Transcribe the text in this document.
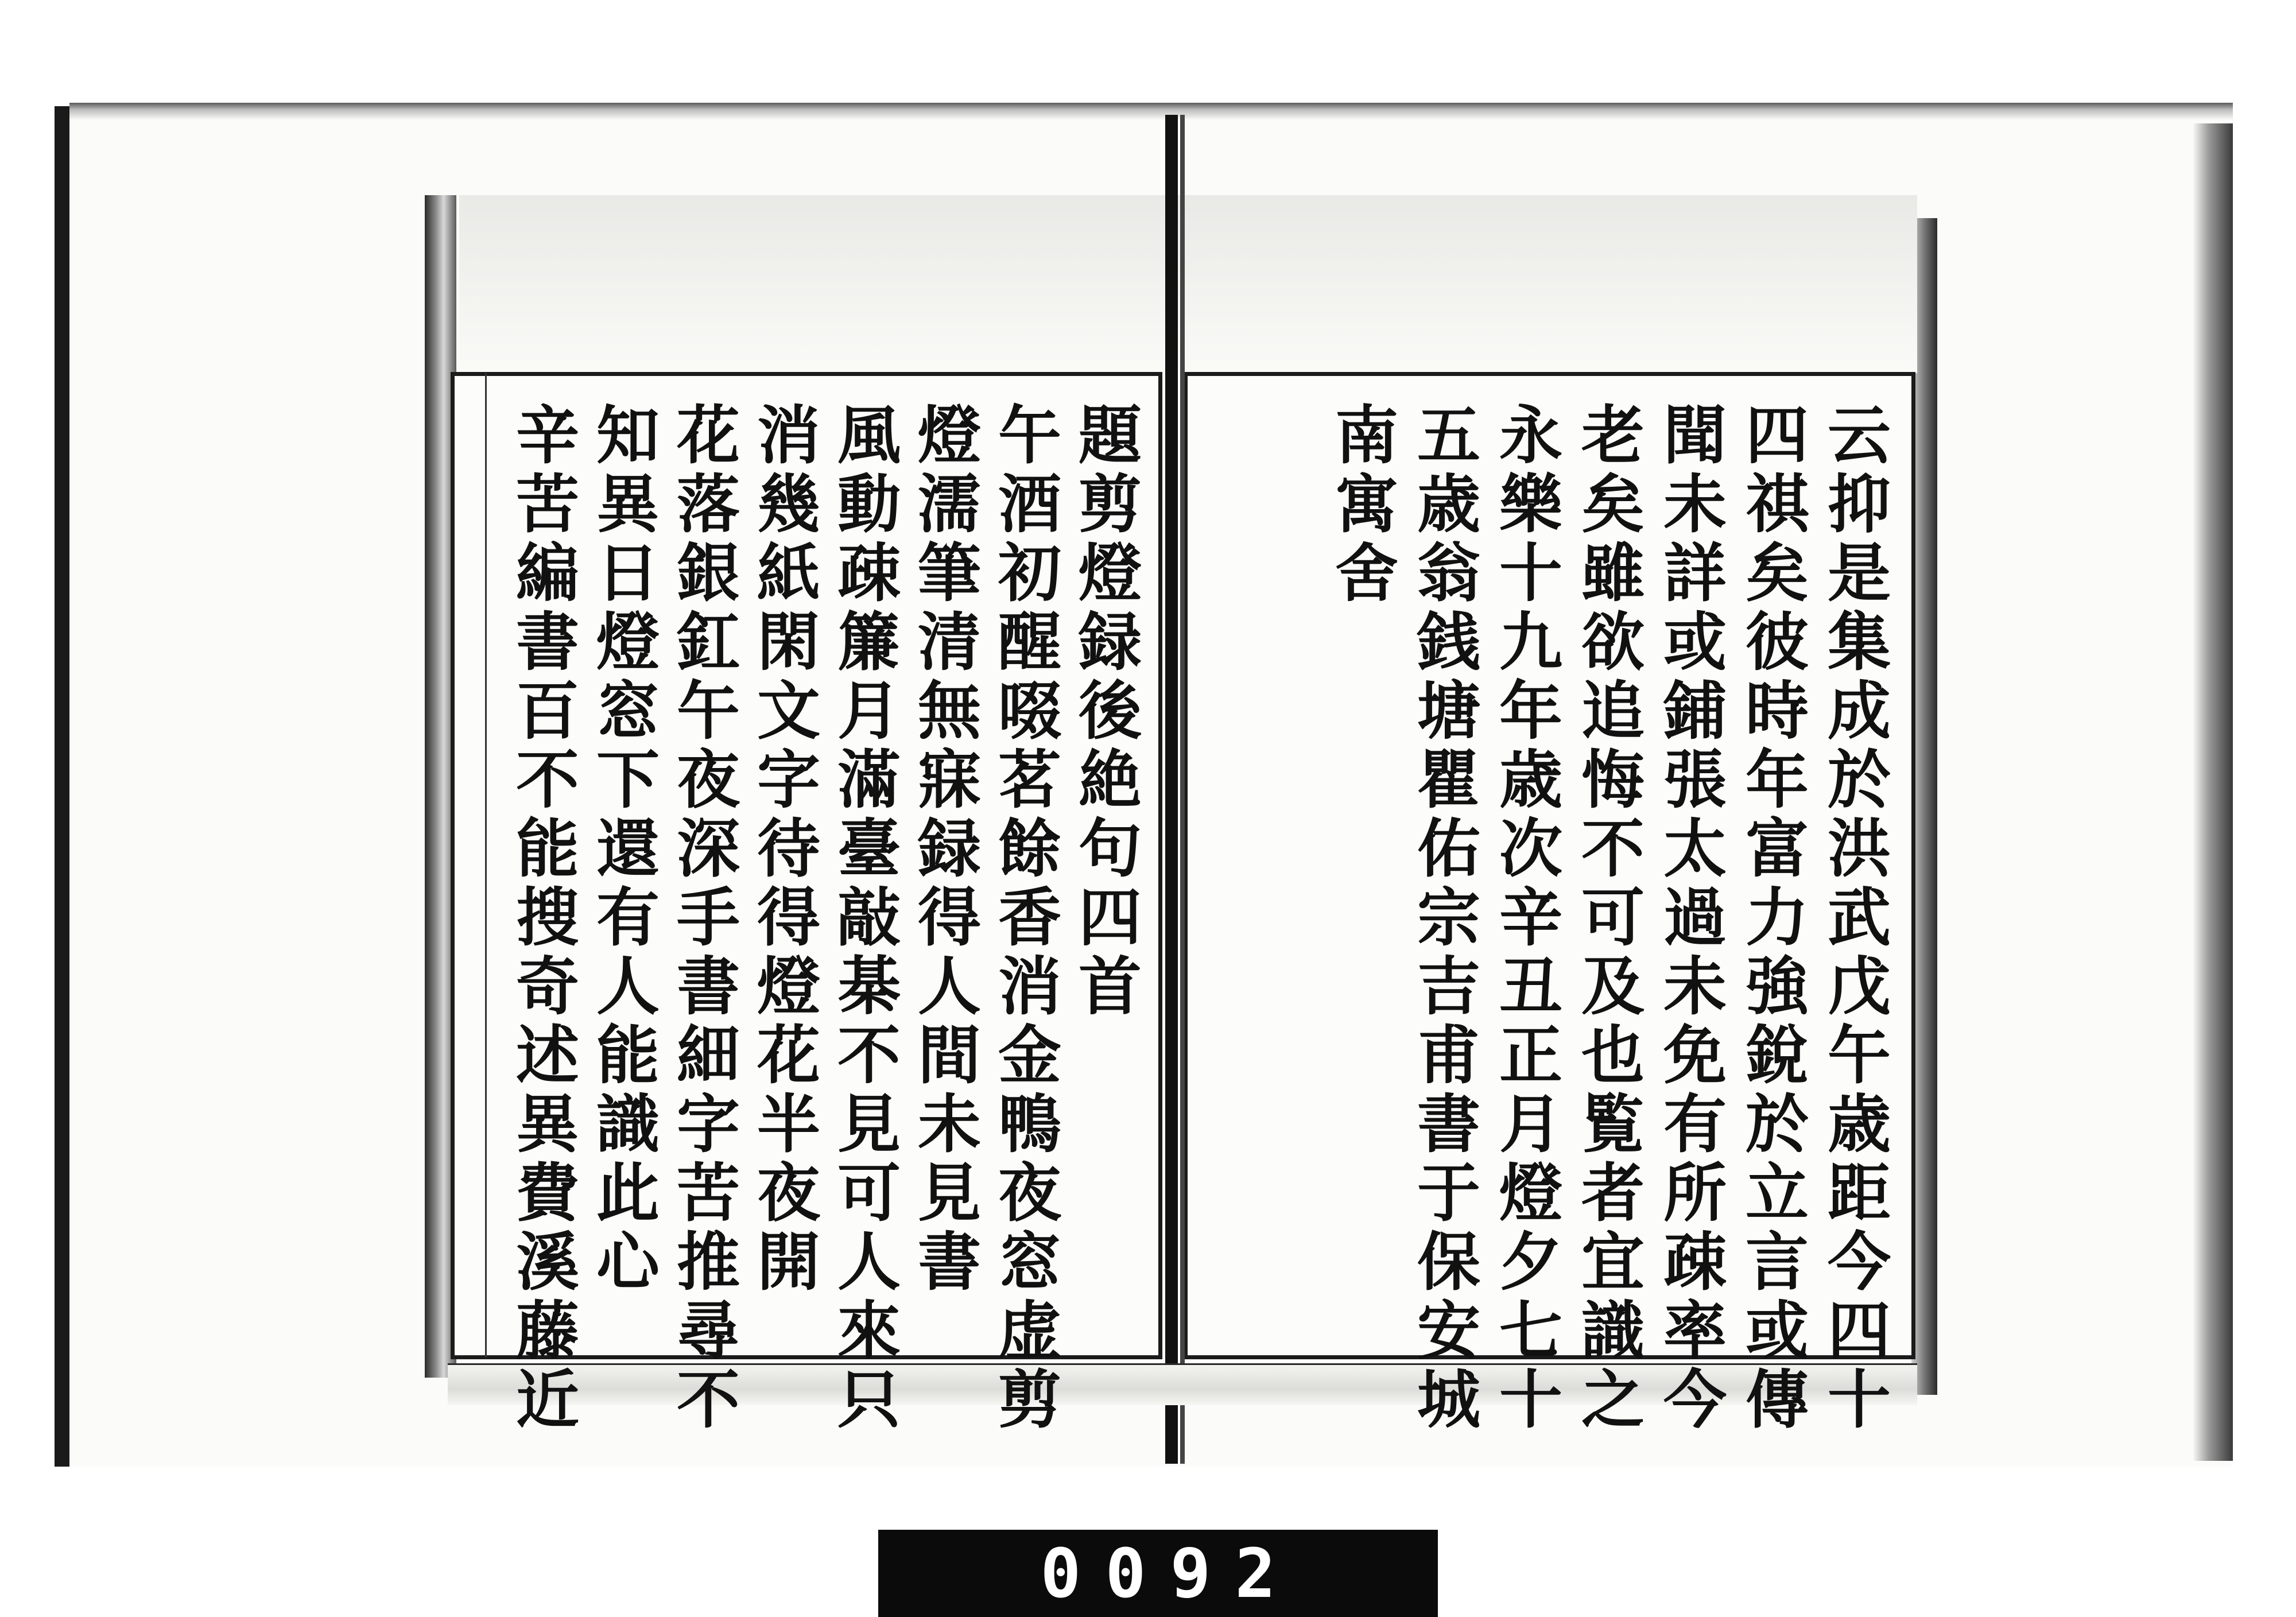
題剪燈録後絶句四首
午酒初醒啜茗餘香消金鴨夜窓虚剪
燈濡筆清無寐録得人間未見書
風動疎簾月滿臺敲棊不見可人來只
消幾紙閑文字待得燈花半夜開
花落銀釭午夜深手書細字苦推尋不
知異日燈窓下還有人能識此心
辛苦編書百不能搜奇述異費溪藤近	云抑是集成於洪武戊午歳距今四十
四祺矣彼時年富力強銳於立言或傳
聞未詳或鋪張太過未免有所疎率今
老矣雖欲追悔不可及也覧者宜識之
永樂十九年歳次辛丑正月燈夕七十
五歳翁銭塘瞿佑宗吉甫書于保安城
南寓舍
0092
